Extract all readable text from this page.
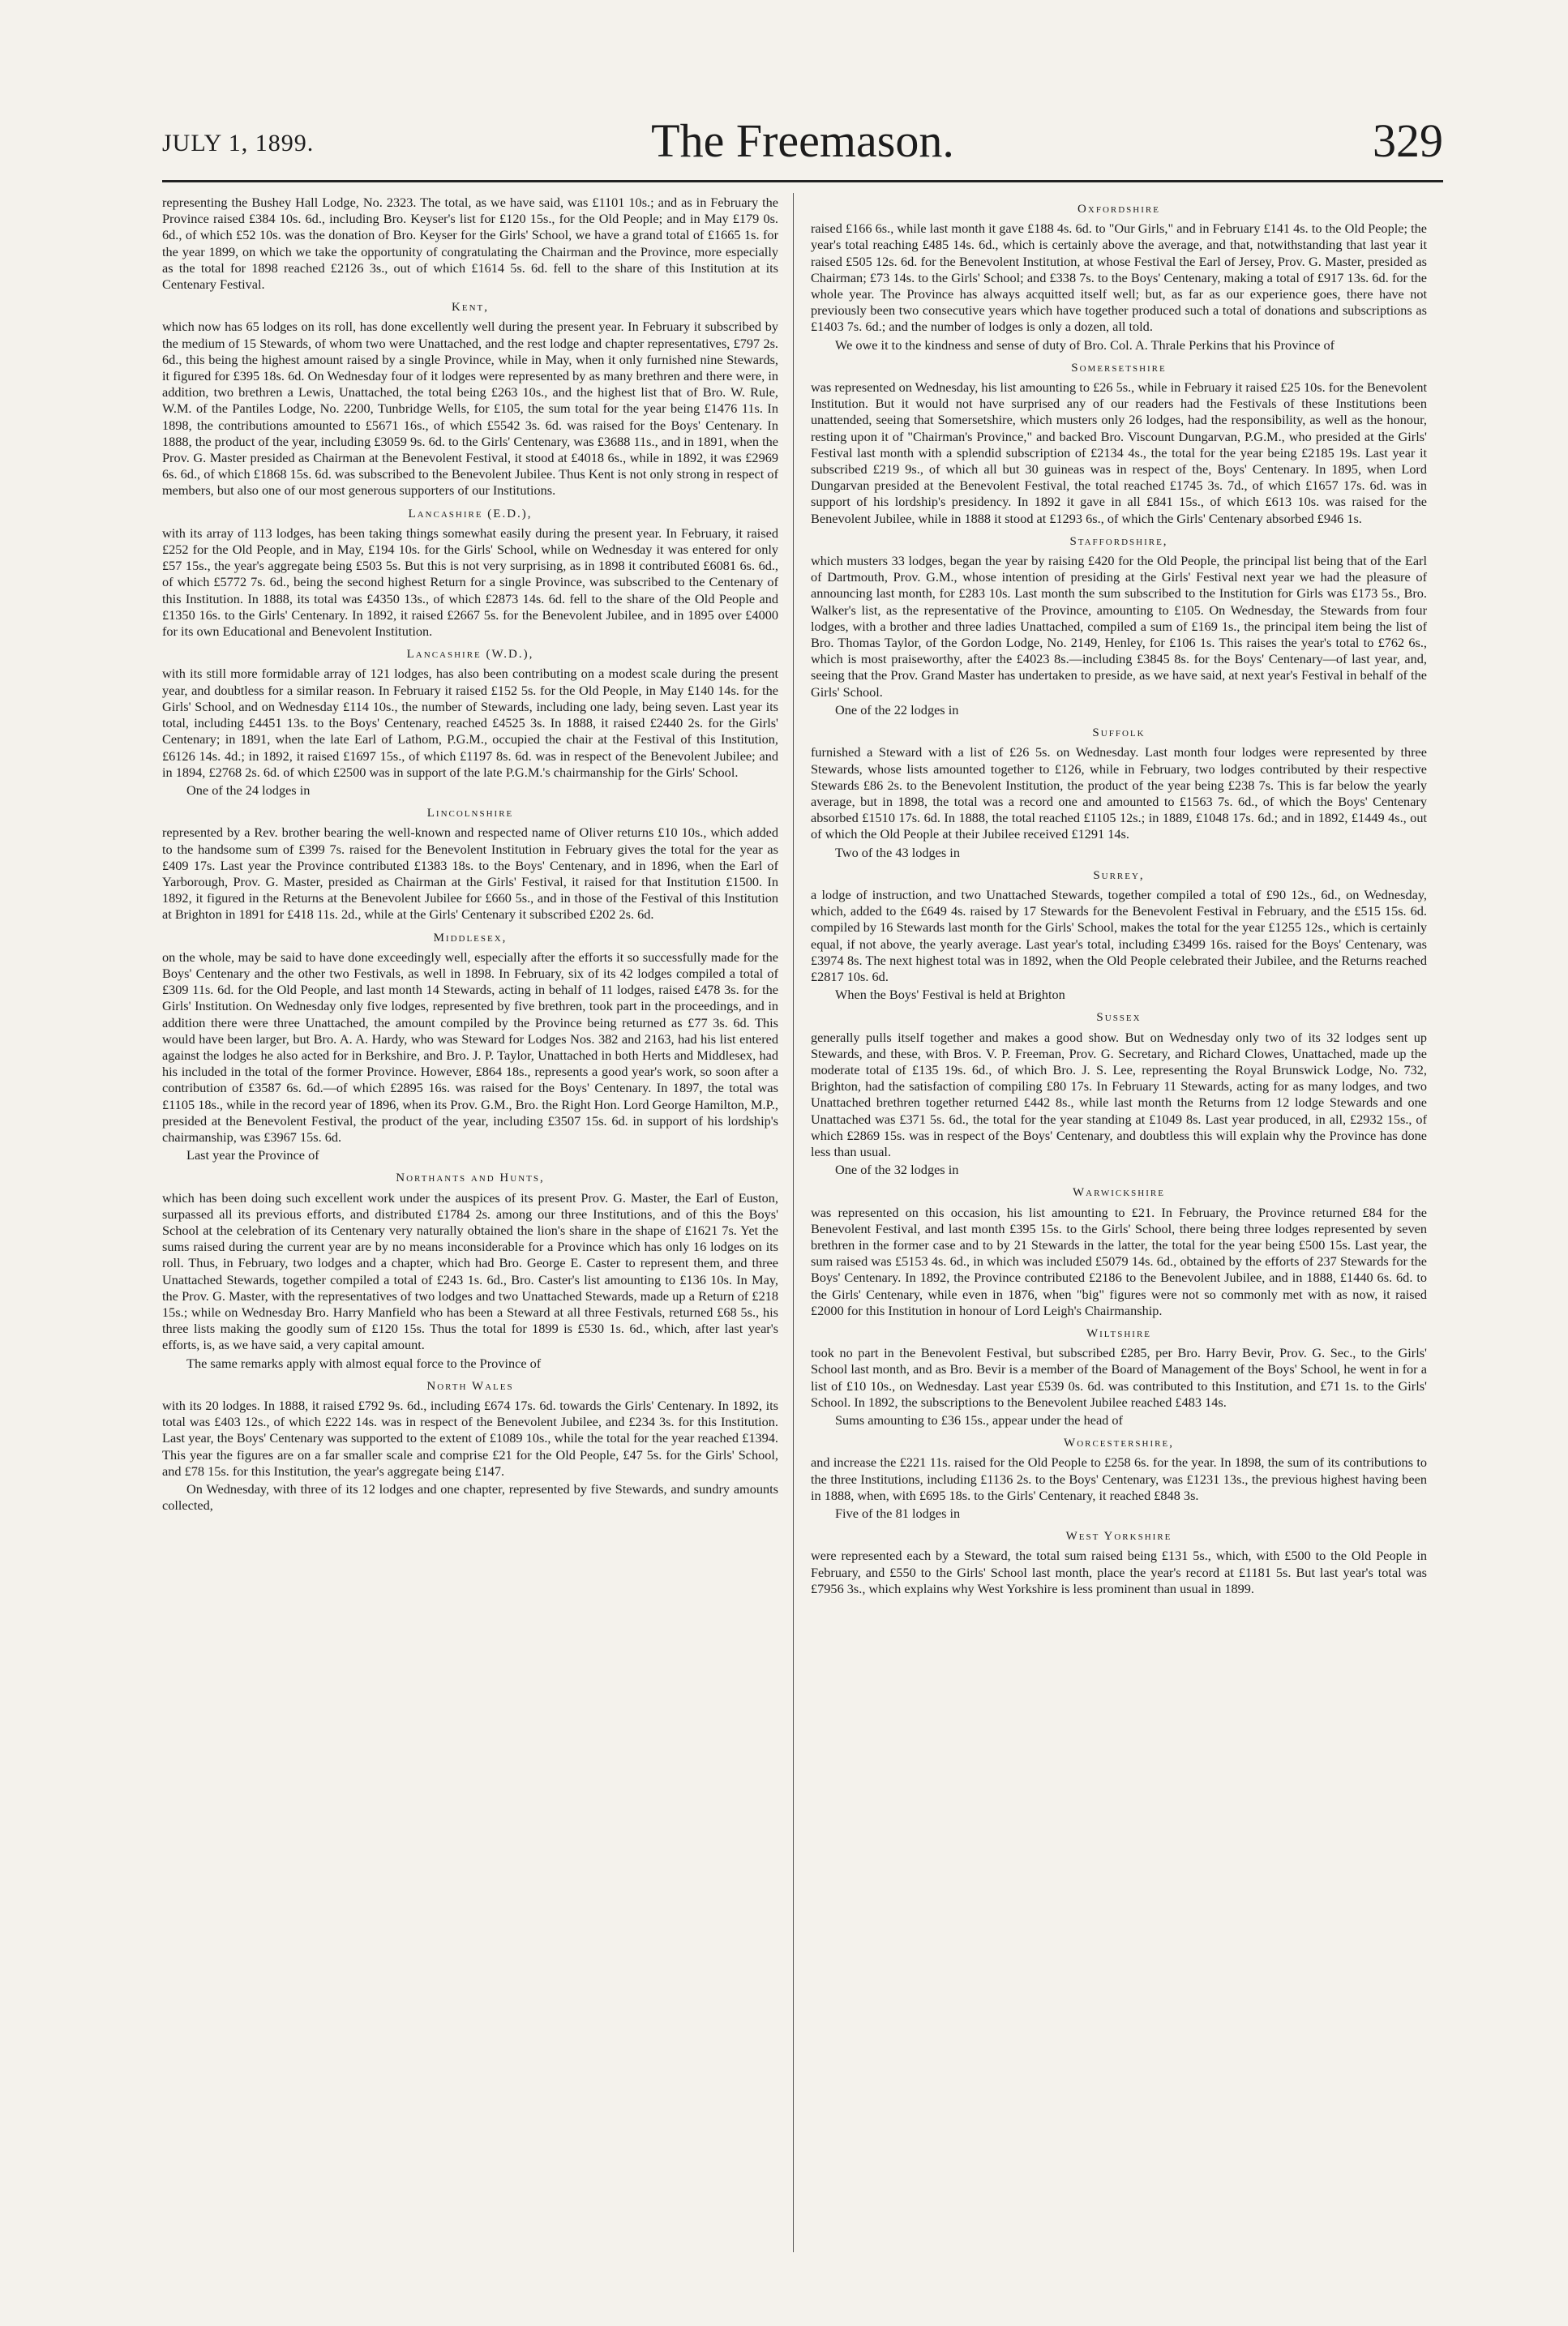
JULY 1, 1899.	The Freemason.	329

representing the Bushey Hall Lodge, No. 2323. The total, as we have said, was £1101 10s.; and as in February the Province raised £384 10s. 6d., including Bro. Keyser's list for £120 15s., for the Old People; and in May £179 0s. 6d., of which £52 10s. was the donation of Bro. Keyser for the Girls' School, we have a grand total of £1665 1s. for the year 1899, on which we take the opportunity of congratulating the Chairman and the Province, more especially as the total for 1898 reached £2126 3s., out of which £1614 5s. 6d. fell to the share of this Institution at its Centenary Festival.

Kent,

which now has 65 lodges on its roll, has done excellently well during the present year. In February it subscribed by the medium of 15 Stewards, of whom two were Unattached, and the rest lodge and chapter representatives, £797 2s. 6d., this being the highest amount raised by a single Province, while in May, when it only furnished nine Stewards, it figured for £395 18s. 6d. On Wednesday four of it lodges were represented by as many brethren and there were, in addition, two brethren a Lewis, Unattached, the total being £263 10s., and the highest list that of Bro. W. Rule, W.M. of the Pantiles Lodge, No. 2200, Tunbridge Wells, for £105, the sum total for the year being £1476 11s. In 1898, the contributions amounted to £5671 16s., of which £5542 3s. 6d. was raised for the Boys' Centenary. In 1888, the product of the year, including £3059 9s. 6d. to the Girls' Centenary, was £3688 11s., and in 1891, when the Prov. G. Master presided as Chairman at the Benevolent Festival, it stood at £4018 6s., while in 1892, it was £2969 6s. 6d., of which £1868 15s. 6d. was subscribed to the Benevolent Jubilee. Thus Kent is not only strong in respect of members, but also one of our most generous supporters of our Institutions.

Lancashire (E.D.),

with its array of 113 lodges, has been taking things somewhat easily during the present year. In February, it raised £252 for the Old People, and in May, £194 10s. for the Girls' School, while on Wednesday it was entered for only £57 15s., the year's aggregate being £503 5s. But this is not very surprising, as in 1898 it contributed £6081 6s. 6d., of which £5772 7s. 6d., being the second highest Return for a single Province, was subscribed to the Centenary of this Institution. In 1888, its total was £4350 13s., of which £2873 14s. 6d. fell to the share of the Old People and £1350 16s. to the Girls' Centenary. In 1892, it raised £2667 5s. for the Benevolent Jubilee, and in 1895 over £4000 for its own Educational and Benevolent Institution.

Lancashire (W.D.),

with its still more formidable array of 121 lodges, has also been contributing on a modest scale during the present year, and doubtless for a similar reason. In February it raised £152 5s. for the Old People, in May £140 14s. for the Girls' School, and on Wednesday £114 10s., the number of Stewards, including one lady, being seven. Last year its total, including £4451 13s. to the Boys' Centenary, reached £4525 3s. In 1888, it raised £2440 2s. for the Girls' Centenary; in 1891, when the late Earl of Lathom, P.G.M., occupied the chair at the Festival of this Institution, £6126 14s. 4d.; in 1892, it raised £1697 15s., of which £1197 8s. 6d. was in respect of the Benevolent Jubilee; and in 1894, £2768 2s. 6d. of which £2500 was in support of the late P.G.M.'s chairmanship for the Girls' School.

One of the 24 lodges in

Lincolnshire

represented by a Rev. brother bearing the well-known and respected name of Oliver returns £10 10s., which added to the handsome sum of £399 7s. raised for the Benevolent Institution in February gives the total for the year as £409 17s. Last year the Province contributed £1383 18s. to the Boys' Centenary, and in 1896, when the Earl of Yarborough, Prov. G. Master, presided as Chairman at the Girls' Festival, it raised for that Institution £1500. In 1892, it figured in the Returns at the Benevolent Jubilee for £660 5s., and in those of the Festival of this Institution at Brighton in 1891 for £418 11s. 2d., while at the Girls' Centenary it subscribed £202 2s. 6d.

Middlesex,

on the whole, may be said to have done exceedingly well, especially after the efforts it so successfully made for the Boys' Centenary and the other two Festivals, as well in 1898. In February, six of its 42 lodges compiled a total of £309 11s. 6d. for the Old People, and last month 14 Stewards, acting in behalf of 11 lodges, raised £478 3s. for the Girls' Institution. On Wednesday only five lodges, represented by five brethren, took part in the proceedings, and in addition there were three Unattached, the amount compiled by the Province being returned as £77 3s. 6d. This would have been larger, but Bro. A. A. Hardy, who was Steward for Lodges Nos. 382 and 2163, had his list entered against the lodges he also acted for in Berkshire, and Bro. J. P. Taylor, Unattached in both Herts and Middlesex, had his included in the total of the former Province. However, £864 18s., represents a good year's work, so soon after a contribution of £3587 6s. 6d.—of which £2895 16s. was raised for the Boys' Centenary. In 1897, the total was £1105 18s., while in the record year of 1896, when its Prov. G.M., Bro. the Right Hon. Lord George Hamilton, M.P., presided at the Benevolent Festival, the product of the year, including £3507 15s. 6d. in support of his lordship's chairmanship, was £3967 15s. 6d.

Last year the Province of

Northants and Hunts,

which has been doing such excellent work under the auspices of its present Prov. G. Master, the Earl of Euston, surpassed all its previous efforts, and distributed £1784 2s. among our three Institutions, and of this the Boys' School at the celebration of its Centenary very naturally obtained the lion's share in the shape of £1621 7s. Yet the sums raised during the current year are by no means inconsiderable for a Province which has only 16 lodges on its roll. Thus, in February, two lodges and a chapter, which had Bro. George E. Caster to represent them, and three Unattached Stewards, together compiled a total of £243 1s. 6d., Bro. Caster's list amounting to £136 10s. In May, the Prov. G. Master, with the representatives of two lodges and two Unattached Stewards, made up a Return of £218 15s.; while on Wednesday Bro. Harry Manfield who has been a Steward at all three Festivals, returned £68 5s., his three lists making the goodly sum of £120 15s. Thus the total for 1899 is £530 1s. 6d., which, after last year's efforts, is, as we have said, a very capital amount.

The same remarks apply with almost equal force to the Province of

North Wales

with its 20 lodges. In 1888, it raised £792 9s. 6d., including £674 17s. 6d. towards the Girls' Centenary. In 1892, its total was £403 12s., of which £222 14s. was in respect of the Benevolent Jubilee, and £234 3s. for this Institution. Last year, the Boys' Centenary was supported to the extent of £1089 10s., while the total for the year reached £1394. This year the figures are on a far smaller scale and comprise £21 for the Old People, £47 5s. for the Girls' School, and £78 15s. for this Institution, the year's aggregate being £147.

On Wednesday, with three of its 12 lodges and one chapter, represented by five Stewards, and sundry amounts collected,

Oxfordshire

raised £166 6s., while last month it gave £188 4s. 6d. to "Our Girls," and in February £141 4s. to the Old People; the year's total reaching £485 14s. 6d., which is certainly above the average, and that, notwithstanding that last year it raised £505 12s. 6d. for the Benevolent Institution, at whose Festival the Earl of Jersey, Prov. G. Master, presided as Chairman; £73 14s. to the Girls' School; and £338 7s. to the Boys' Centenary, making a total of £917 13s. 6d. for the whole year. The Province has always acquitted itself well; but, as far as our experience goes, there have not previously been two consecutive years which have together produced such a total of donations and subscriptions as £1403 7s. 6d.; and the number of lodges is only a dozen, all told.

We owe it to the kindness and sense of duty of Bro. Col. A. Thrale Perkins that his Province of

Somersetshire

was represented on Wednesday, his list amounting to £26 5s., while in February it raised £25 10s. for the Benevolent Institution. But it would not have surprised any of our readers had the Festivals of these Institutions been unattended, seeing that Somersetshire, which musters only 26 lodges, had the responsibility, as well as the honour, resting upon it of "Chairman's Province," and backed Bro. Viscount Dungarvan, P.G.M., who presided at the Girls' Festival last month with a splendid subscription of £2134 4s., the total for the year being £2185 19s. Last year it subscribed £219 9s., of which all but 30 guineas was in respect of the, Boys' Centenary. In 1895, when Lord Dungarvan presided at the Benevolent Festival, the total reached £1745 3s. 7d., of which £1657 17s. 6d. was in support of his lordship's presidency. In 1892 it gave in all £841 15s., of which £613 10s. was raised for the Benevolent Jubilee, while in 1888 it stood at £1293 6s., of which the Girls' Centenary absorbed £946 1s.

Staffordshire,

which musters 33 lodges, began the year by raising £420 for the Old People, the principal list being that of the Earl of Dartmouth, Prov. G.M., whose intention of presiding at the Girls' Festival next year we had the pleasure of announcing last month, for £283 10s. Last month the sum subscribed to the Institution for Girls was £173 5s., Bro. Walker's list, as the representative of the Province, amounting to £105. On Wednesday, the Stewards from four lodges, with a brother and three ladies Unattached, compiled a sum of £169 1s., the principal item being the list of Bro. Thomas Taylor, of the Gordon Lodge, No. 2149, Henley, for £106 1s. This raises the year's total to £762 6s., which is most praiseworthy, after the £4023 8s.—including £3845 8s. for the Boys' Centenary—of last year, and, seeing that the Prov. Grand Master has undertaken to preside, as we have said, at next year's Festival in behalf of the Girls' School.

One of the 22 lodges in

Suffolk

furnished a Steward with a list of £26 5s. on Wednesday. Last month four lodges were represented by three Stewards, whose lists amounted together to £126, while in February, two lodges contributed by their respective Stewards £86 2s. to the Benevolent Institution, the product of the year being £238 7s. This is far below the yearly average, but in 1898, the total was a record one and amounted to £1563 7s. 6d., of which the Boys' Centenary absorbed £1510 17s. 6d. In 1888, the total reached £1105 12s.; in 1889, £1048 17s. 6d.; and in 1892, £1449 4s., out of which the Old People at their Jubilee received £1291 14s.

Two of the 43 lodges in

Surrey,

a lodge of instruction, and two Unattached Stewards, together compiled a total of £90 12s., 6d., on Wednesday, which, added to the £649 4s. raised by 17 Stewards for the Benevolent Festival in February, and the £515 15s. 6d. compiled by 16 Stewards last month for the Girls' School, makes the total for the year £1255 12s., which is certainly equal, if not above, the yearly average. Last year's total, including £3499 16s. raised for the Boys' Centenary, was £3974 8s. The next highest total was in 1892, when the Old People celebrated their Jubilee, and the Returns reached £2817 10s. 6d.

When the Boys' Festival is held at Brighton

Sussex

generally pulls itself together and makes a good show. But on Wednesday only two of its 32 lodges sent up Stewards, and these, with Bros. V. P. Freeman, Prov. G. Secretary, and Richard Clowes, Unattached, made up the moderate total of £135 19s. 6d., of which Bro. J. S. Lee, representing the Royal Brunswick Lodge, No. 732, Brighton, had the satisfaction of compiling £80 17s. In February 11 Stewards, acting for as many lodges, and two Unattached brethren together returned £442 8s., while last month the Returns from 12 lodge Stewards and one Unattached was £371 5s. 6d., the total for the year standing at £1049 8s. Last year produced, in all, £2932 15s., of which £2869 15s. was in respect of the Boys' Centenary, and doubtless this will explain why the Province has done less than usual.

One of the 32 lodges in

Warwickshire

was represented on this occasion, his list amounting to £21. In February, the Province returned £84 for the Benevolent Festival, and last month £395 15s. to the Girls' School, there being three lodges represented by seven brethren in the former case and to by 21 Stewards in the latter, the total for the year being £500 15s. Last year, the sum raised was £5153 4s. 6d., in which was included £5079 14s. 6d., obtained by the efforts of 237 Stewards for the Boys' Centenary. In 1892, the Province contributed £2186 to the Benevolent Jubilee, and in 1888, £1440 6s. 6d. to the Girls' Centenary, while even in 1876, when "big" figures were not so commonly met with as now, it raised £2000 for this Institution in honour of Lord Leigh's Chairmanship.

Wiltshire

took no part in the Benevolent Festival, but subscribed £285, per Bro. Harry Bevir, Prov. G. Sec., to the Girls' School last month, and as Bro. Bevir is a member of the Board of Management of the Boys' School, he went in for a list of £10 10s., on Wednesday. Last year £539 0s. 6d. was contributed to this Institution, and £71 1s. to the Girls' School. In 1892, the subscriptions to the Benevolent Jubilee reached £483 14s.

Sums amounting to £36 15s., appear under the head of

Worcestershire,

and increase the £221 11s. raised for the Old People to £258 6s. for the year. In 1898, the sum of its contributions to the three Institutions, including £1136 2s. to the Boys' Centenary, was £1231 13s., the previous highest having been in 1888, when, with £695 18s. to the Girls' Centenary, it reached £848 3s.

Five of the 81 lodges in

West Yorkshire

were represented each by a Steward, the total sum raised being £131 5s., which, with £500 to the Old People in February, and £550 to the Girls' School last month, place the year's record at £1181 5s. But last year's total was £7956 3s., which explains why West Yorkshire is less prominent than usual in 1899.
